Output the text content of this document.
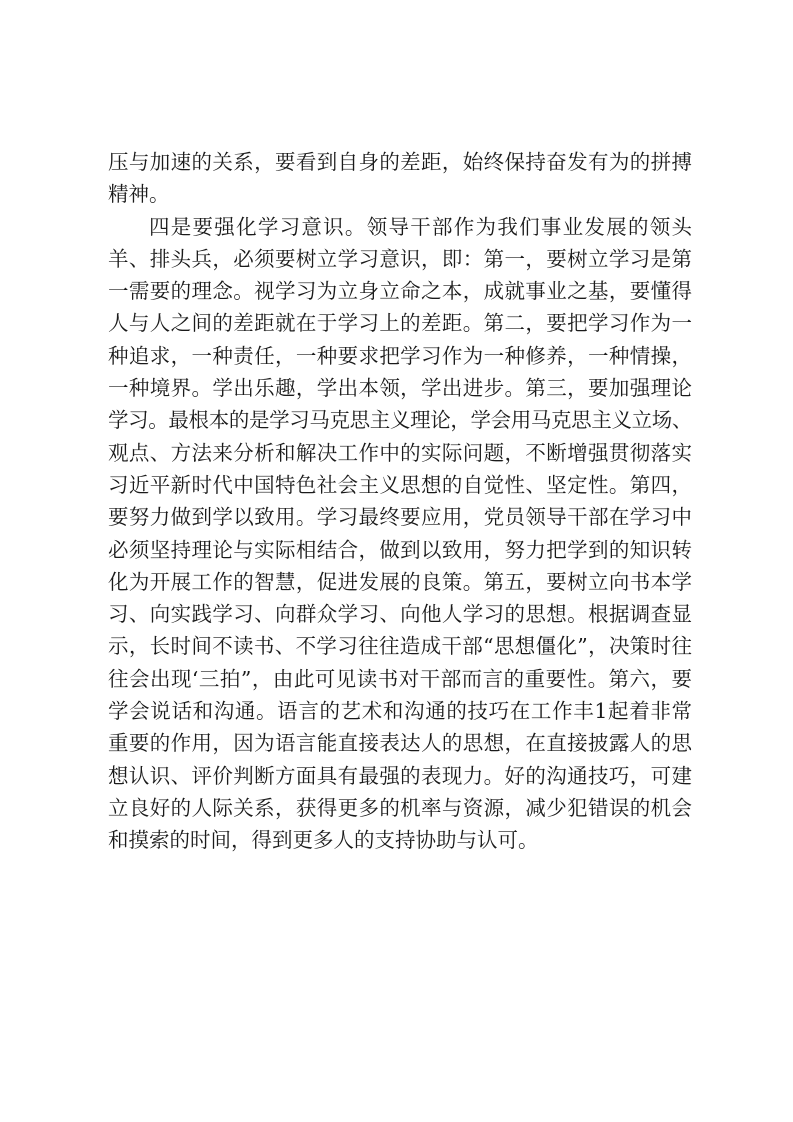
压与加速的关系，要看到自身的差距，始终保持奋发有为的拼搏
精神。
四是要强化学习意识。领导干部作为我们事业发展的领头
羊、排头兵，必须要树立学习意识，即：第一，要树立学习是第
一需要的理念。视学习为立身立命之本，成就事业之基，要懂得
人与人之间的差距就在于学习上的差距。第二，要把学习作为一
种追求，一种责任，一种要求把学习作为一种修养，一种情操，
一种境界。学出乐趣，学出本领，学出进步。第三，要加强理论
学习。最根本的是学习马克思主义理论，学会用马克思主义立场、
观点、方法来分析和解决工作中的实际问题，不断增强贯彻落实
习近平新时代中国特色社会主义思想的自觉性、坚定性。第四，
要努力做到学以致用。学习最终要应用，党员领导干部在学习中
必须坚持理论与实际相结合，做到以致用，努力把学到的知识转
化为开展工作的智慧，促进发展的良策。第五，要树立向书本学
习、向实践学习、向群众学习、向他人学习的思想。根据调查显
示，长时间不读书、不学习往往造成干部“思想僵化”，决策时往
往会出现‘三拍”，由此可见读书对干部而言的重要性。第六，要
学会说话和沟通。语言的艺术和沟通的技巧在工作丰1起着非常
重要的作用，因为语言能直接表达人的思想，在直接披露人的思
想认识、评价判断方面具有最强的表现力。好的沟通技巧，可建
立良好的人际关系，获得更多的机率与资源，减少犯错误的机会
和摸索的时间，得到更多人的支持协助与认可。
